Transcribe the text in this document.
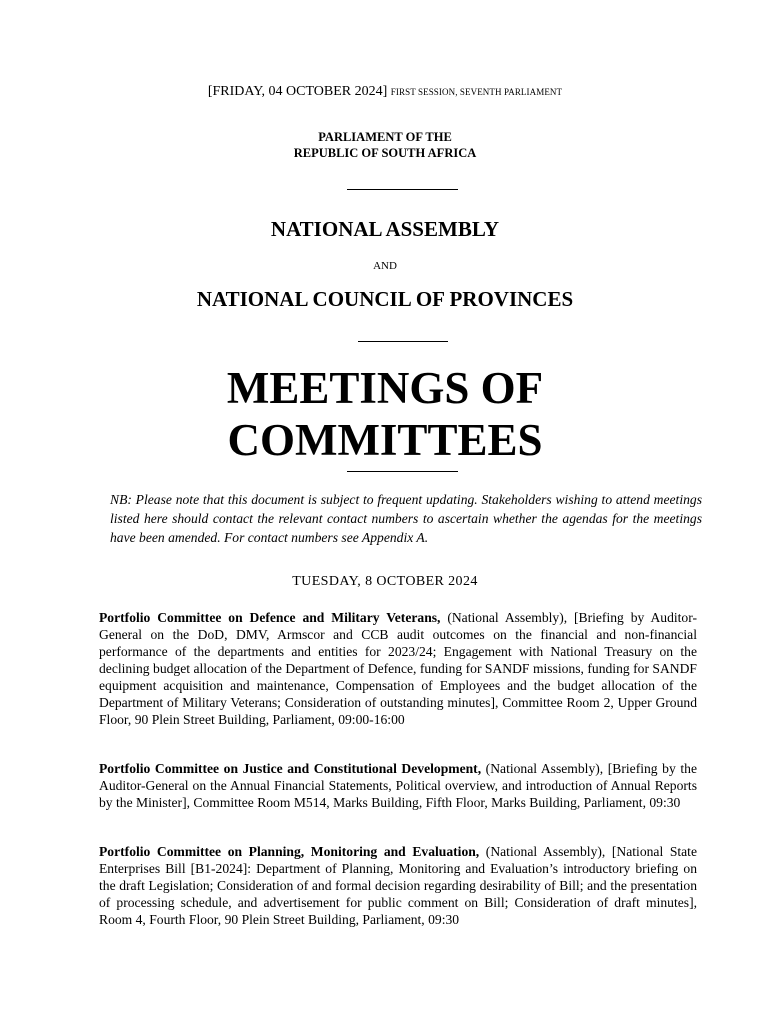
[FRIDAY, 04 OCTOBER 2024] FIRST SESSION, SEVENTH PARLIAMENT
PARLIAMENT OF THE
REPUBLIC OF SOUTH AFRICA
NATIONAL ASSEMBLY
AND
NATIONAL COUNCIL OF PROVINCES
MEETINGS OF
COMMITTEES
NB: Please note that this document is subject to frequent updating. Stakeholders wishing to attend meetings listed here should contact the relevant contact numbers to ascertain whether the agendas for the meetings have been amended. For contact numbers see Appendix A.
TUESDAY, 8 OCTOBER 2024
Portfolio Committee on Defence and Military Veterans, (National Assembly), [Briefing by Auditor-General on the DoD, DMV, Armscor and CCB audit outcomes on the financial and non-financial performance of the departments and entities for 2023/24; Engagement with National Treasury on the declining budget allocation of the Department of Defence, funding for SANDF missions, funding for SANDF equipment acquisition and maintenance, Compensation of Employees and the budget allocation of the Department of Military Veterans; Consideration of outstanding minutes], Committee Room 2, Upper Ground Floor, 90 Plein Street Building, Parliament, 09:00-16:00
Portfolio Committee on Justice and Constitutional Development, (National Assembly), [Briefing by the Auditor-General on the Annual Financial Statements, Political overview, and introduction of Annual Reports by the Minister], Committee Room M514, Marks Building, Fifth Floor, Marks Building, Parliament, 09:30
Portfolio Committee on Planning, Monitoring and Evaluation, (National Assembly), [National State Enterprises Bill [B1-2024]: Department of Planning, Monitoring and Evaluation’s introductory briefing on the draft Legislation; Consideration of and formal decision regarding desirability of Bill; and the presentation of processing schedule, and advertisement for public comment on Bill; Consideration of draft minutes], Room 4, Fourth Floor, 90 Plein Street Building, Parliament, 09:30
